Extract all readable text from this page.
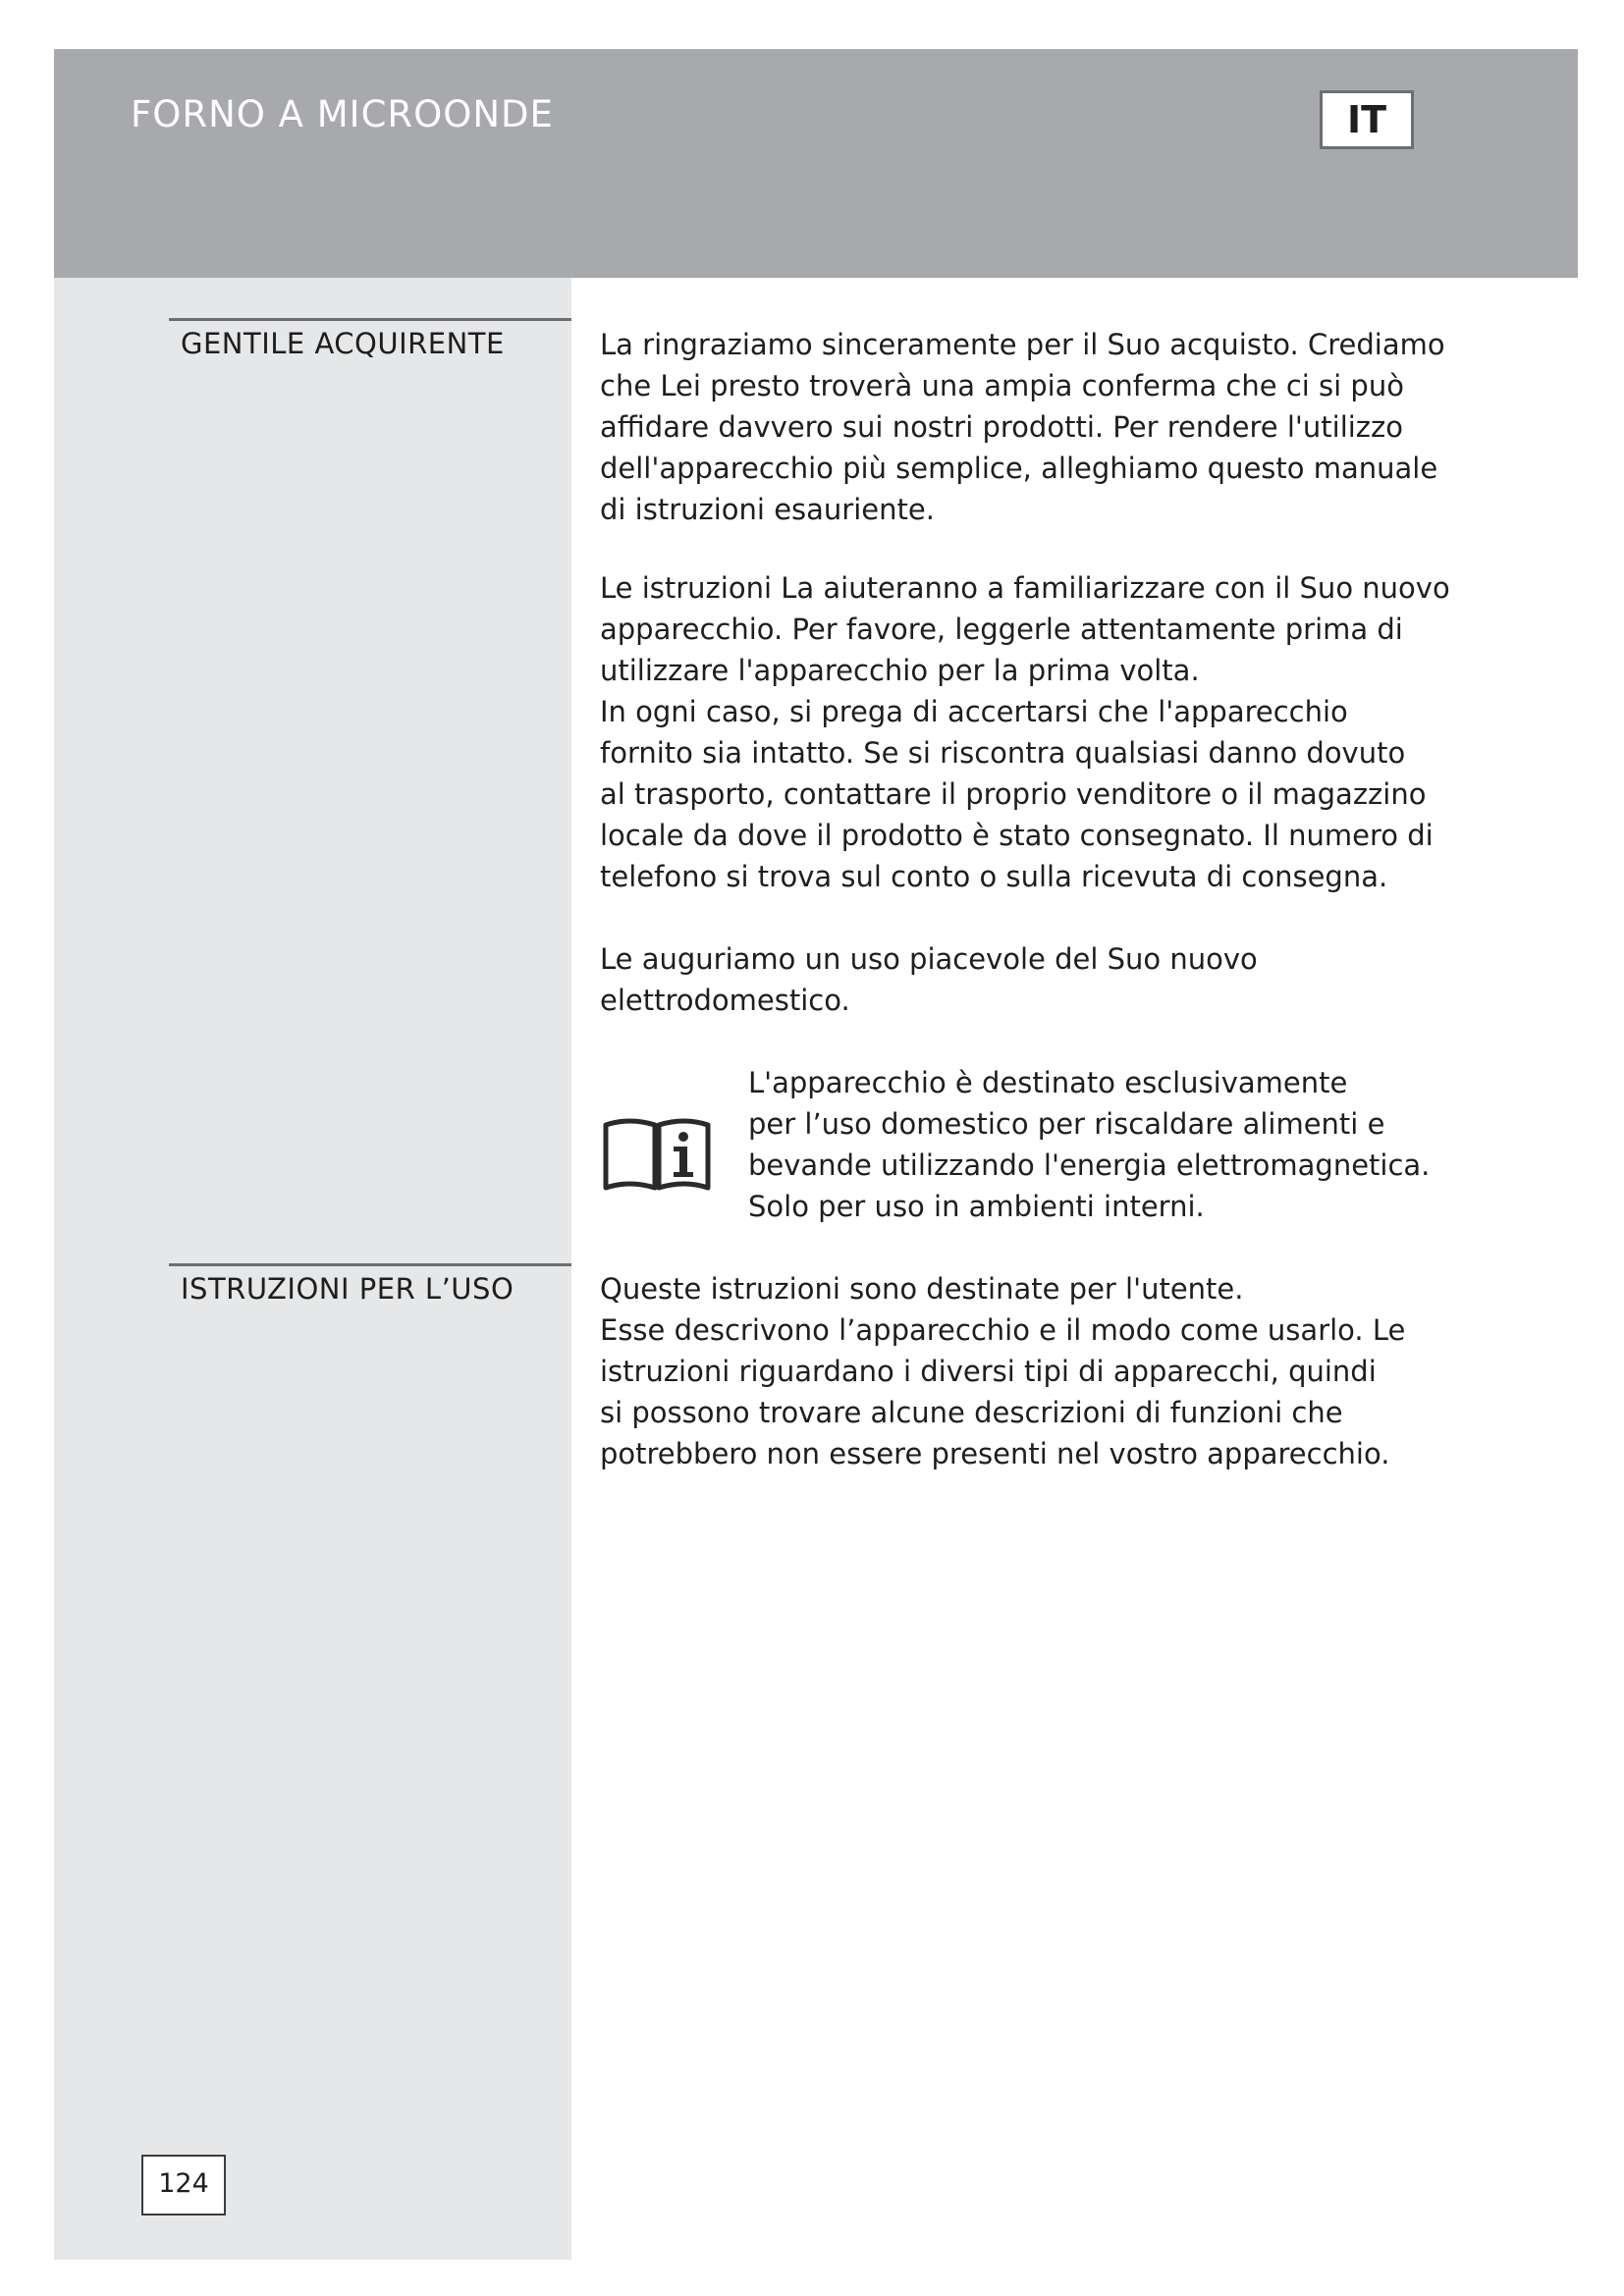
FORNO A MICROONDE	IT
GENTILE ACQUIRENTE	La ringraziamo sinceramente per il Suo acquisto. Crediamo

che Lei presto troverà una ampia conferma che ci si può

affidare davvero sui nostri prodotti. Per rendere l'utilizzo

dell'apparecchio più semplice, alleghiamo questo manuale

di istruzioni esauriente.

Le istruzioni La aiuteranno a familiarizzare con il Suo nuovo

apparecchio. Per favore, leggerle attentamente prima di

utilizzare l'apparecchio per la prima volta.

In ogni caso, si prega di accertarsi che l'apparecchio

fornito sia intatto. Se si riscontra qualsiasi danno dovuto

al trasporto, contattare il proprio venditore o il magazzino

locale da dove il prodotto è stato consegnato. Il numero di

telefono si trova sul conto o sulla ricevuta di consegna.

Le auguriamo un uso piacevole del Suo nuovo

elettrodomestico.

L'apparecchio è destinato esclusivamente

per l’uso domestico per riscaldare alimenti e

bevande utilizzando l'energia elettromagnetica.

Solo per uso in ambienti interni.

ISTRUZIONI PER L’USO	Queste istruzioni sono destinate per l'utente.

Esse descrivono l’apparecchio e il modo come usarlo. Le

istruzioni riguardano i diversi tipi di apparecchi, quindi

si possono trovare alcune descrizioni di funzioni che

potrebbero non essere presenti nel vostro apparecchio.

124
